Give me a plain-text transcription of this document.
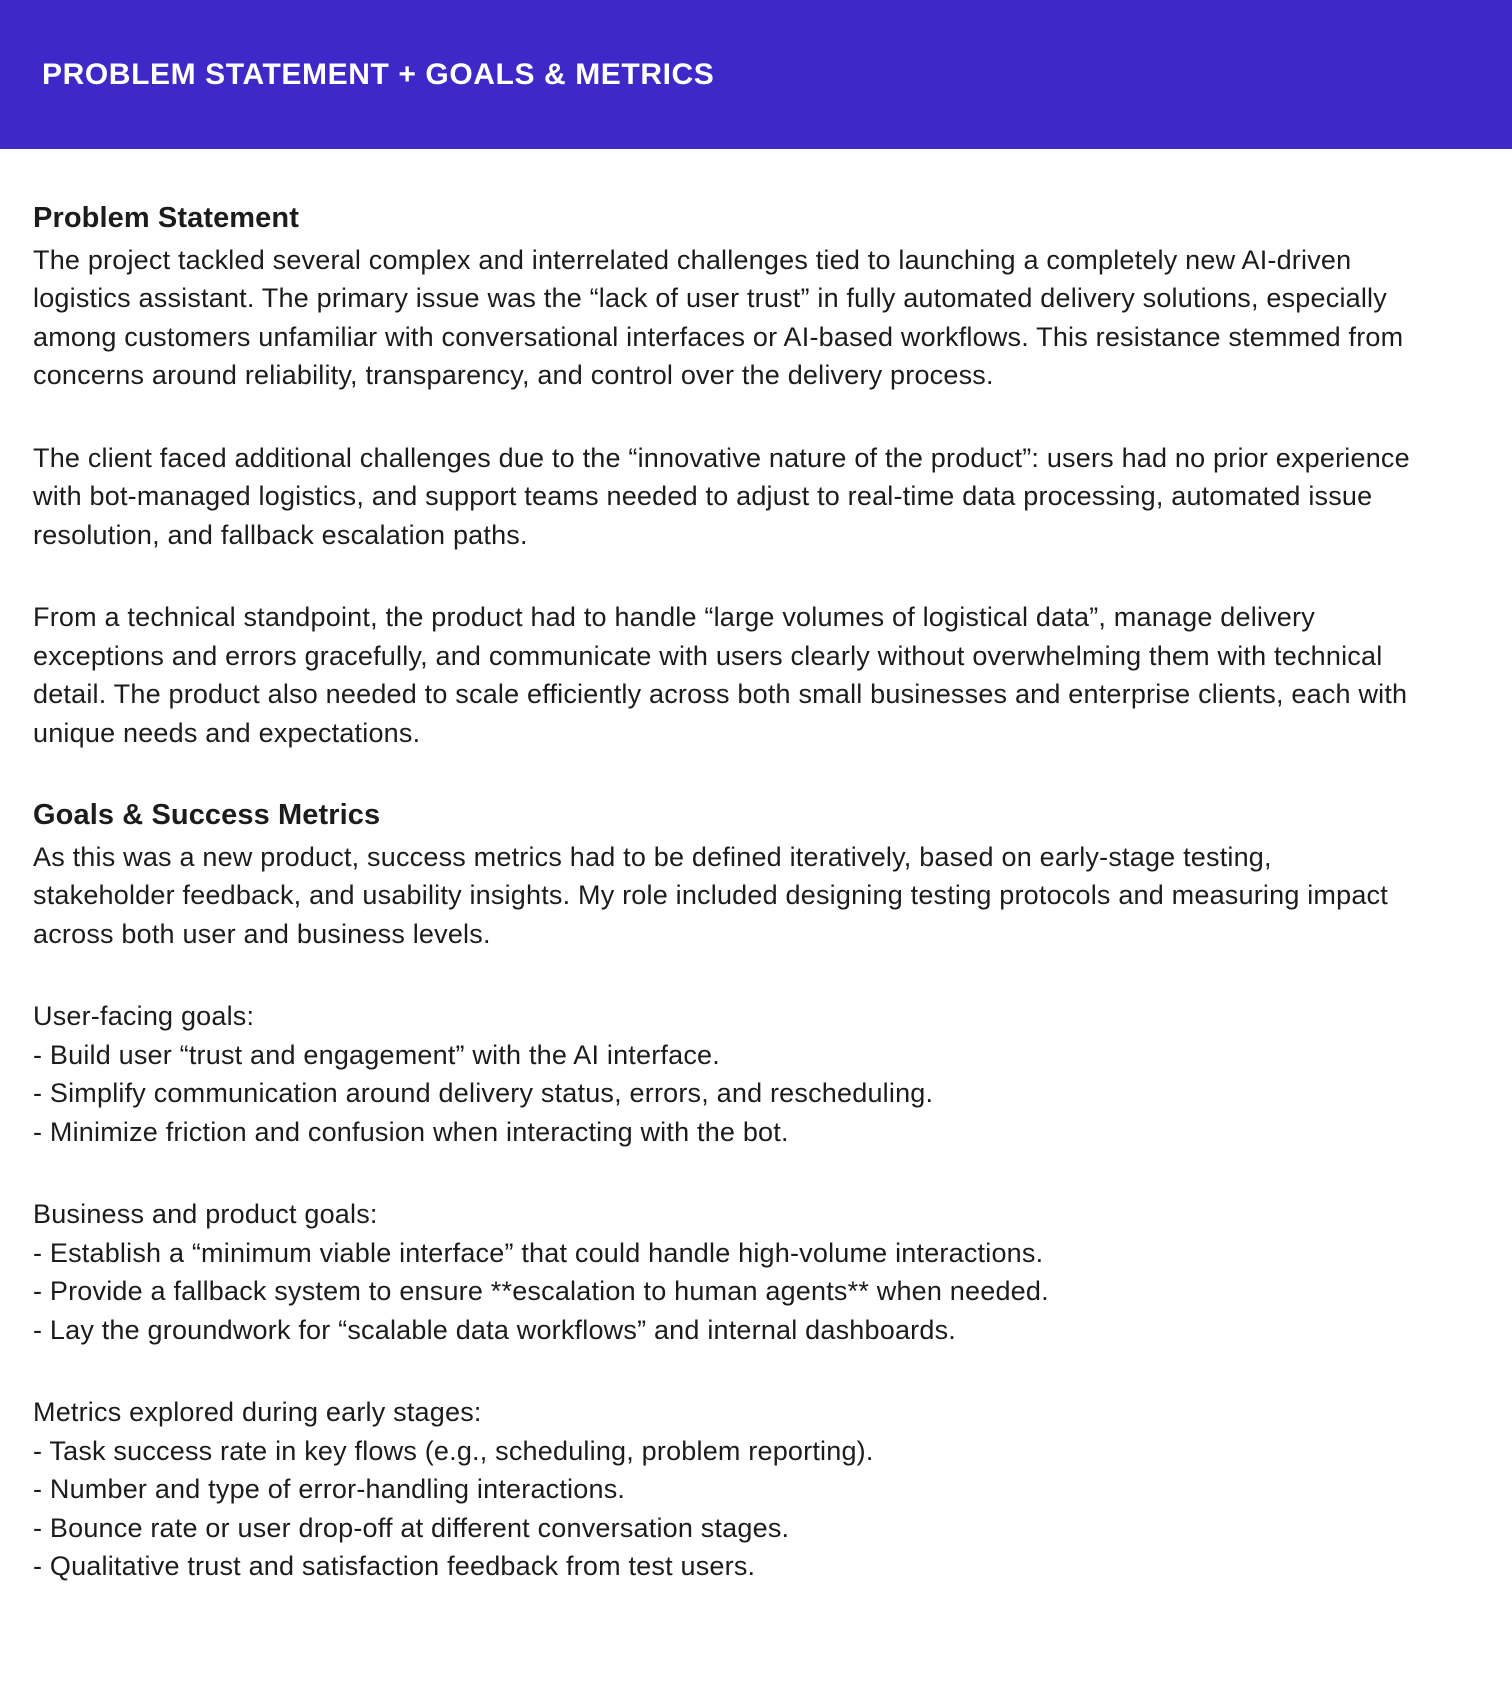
PROBLEM STATEMENT + GOALS & METRICS
Problem Statement

The project tackled several complex and interrelated challenges tied to launching a completely new AI-driven logistics assistant. The primary issue was the “lack of user trust” in fully automated delivery solutions, especially among customers unfamiliar with conversational interfaces or AI-based workflows. This resistance stemmed from concerns around reliability, transparency, and control over the delivery process.

The client faced additional challenges due to the “innovative nature of the product”: users had no prior experience with bot-managed logistics, and support teams needed to adjust to real-time data processing, automated issue resolution, and fallback escalation paths.

From a technical standpoint, the product had to handle “large volumes of logistical data”, manage delivery exceptions and errors gracefully, and communicate with users clearly without overwhelming them with technical detail. The product also needed to scale efficiently across both small businesses and enterprise clients, each with unique needs and expectations.

Goals & Success Metrics

As this was a new product, success metrics had to be defined iteratively, based on early-stage testing, stakeholder feedback, and usability insights. My role included designing testing protocols and measuring impact across both user and business levels.

User-facing goals:

- Build user “trust and engagement” with the AI interface.

- Simplify communication around delivery status, errors, and rescheduling.

- Minimize friction and confusion when interacting with the bot.

Business and product goals:

- Establish a “minimum viable interface” that could handle high-volume interactions.

- Provide a fallback system to ensure **escalation to human agents** when needed.

- Lay the groundwork for “scalable data workflows” and internal dashboards.

Metrics explored during early stages:

- Task success rate in key flows (e.g., scheduling, problem reporting).

- Number and type of error-handling interactions.

- Bounce rate or user drop-off at different conversation stages.

- Qualitative trust and satisfaction feedback from test users.
